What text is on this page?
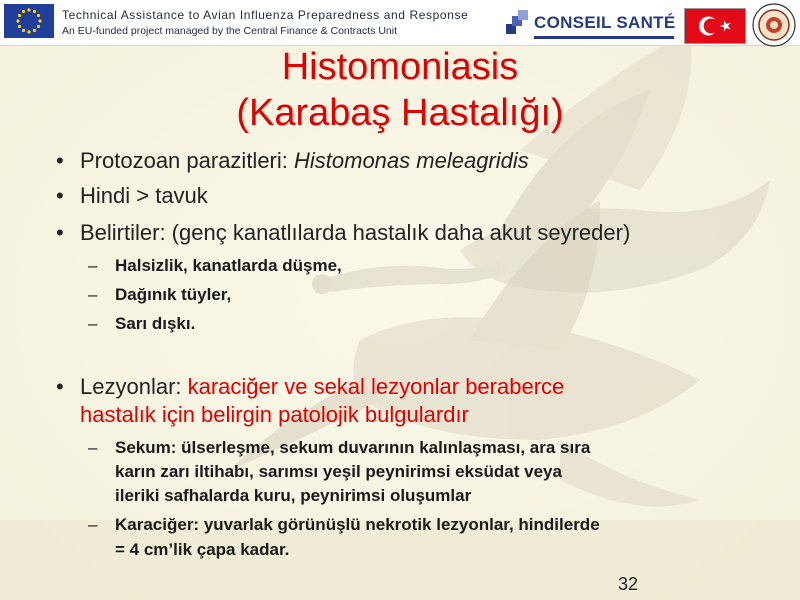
Technical Assistance to Avian Influenza Preparedness and Response
An EU-funded project managed by the Central Finance & Contracts Unit	CONSEIL SANTÉ
Histomoniasis
(Karabaş Hastalığı)
• Protozoan parazitleri: Histomonas meleagridis
• Hindi > tavuk
• Belirtiler: (genç kanatlılarda hastalık daha akut seyreder)
– Halsizlik, kanatlarda düşme,
– Dağınık tüyler,
– Sarı dışkı.
• Lezyonlar: karaciğer ve sekal lezyonlar beraberce
hastalık için belirgin patolojik bulgulardır
– Sekum: ülserleşme, sekum duvarının kalınlaşması, ara sıra
karın zarı iltihabı, sarımsı yeşil peynirimsi eksüdat veya
ileriki safhalarda kuru, peynirimsi oluşumlar
– Karaciğer: yuvarlak görünüşlü nekrotik lezyonlar, hindilerde
= 4 cm’lik çapa kadar.
32
